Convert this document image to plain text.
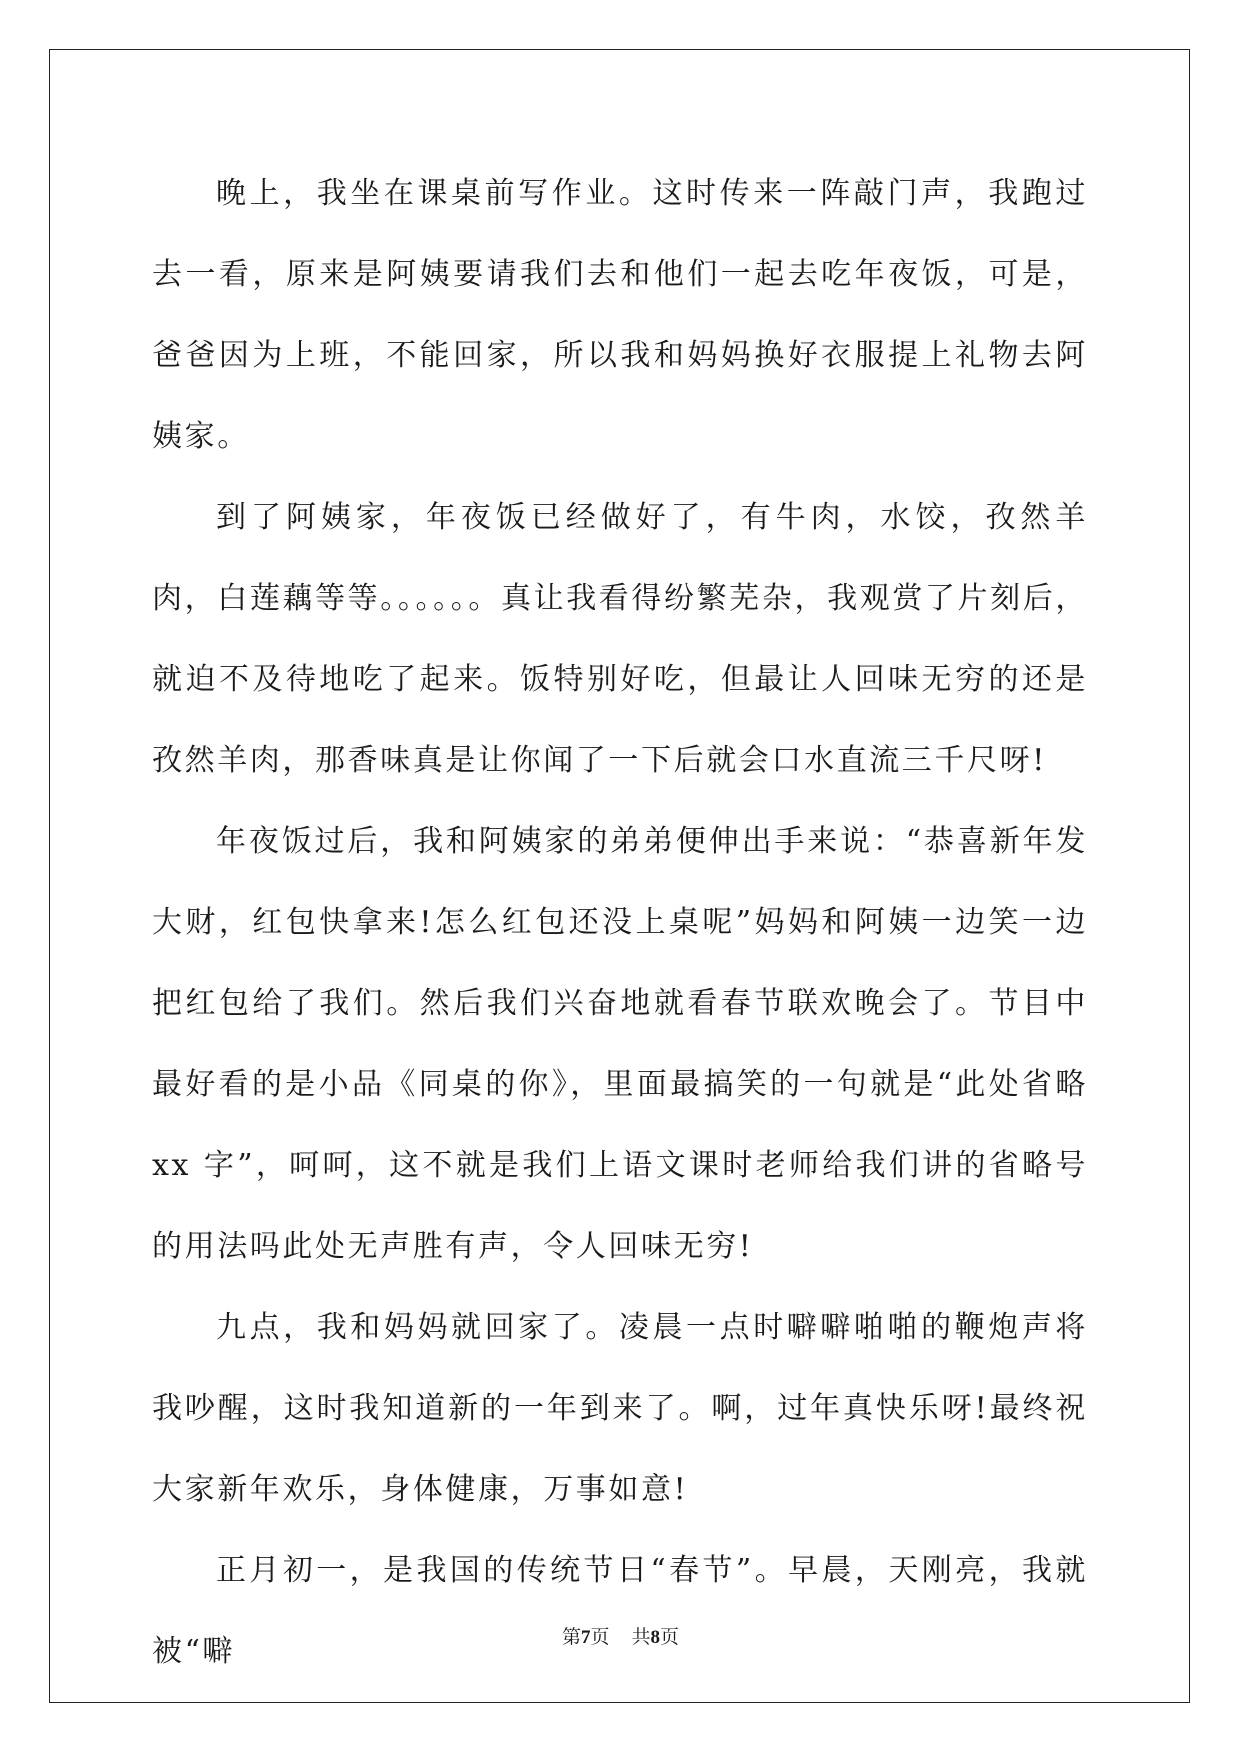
晚上，我坐在课桌前写作业。这时传来一阵敲门声，我跑过去一看，原来是阿姨要请我们去和他们一起去吃年夜饭，可是，爸爸因为上班，不能回家，所以我和妈妈换好衣服提上礼物去阿姨家。

到了阿姨家，年夜饭已经做好了，有牛肉，水饺，孜然羊肉，白莲藕等等。。。。。。真让我看得纷繁芜杂，我观赏了片刻后，就迫不及待地吃了起来。饭特别好吃，但最让人回味无穷的还是孜然羊肉，那香味真是让你闻了一下后就会口水直流三千尺呀!

年夜饭过后，我和阿姨家的弟弟便伸出手来说：“恭喜新年发大财，红包快拿来!怎么红包还没上桌呢”妈妈和阿姨一边笑一边把红包给了我们。然后我们兴奋地就看春节联欢晚会了。节目中最好看的是小品《同桌的你》，里面最搞笑的一句就是“此处省略 xx 字”，呵呵，这不就是我们上语文课时老师给我们讲的省略号的用法吗此处无声胜有声，令人回味无穷!

九点，我和妈妈就回家了。凌晨一点时噼噼啪啪的鞭炮声将我吵醒，这时我知道新的一年到来了。啊，过年真快乐呀!最终祝大家新年欢乐，身体健康，万事如意!

正月初一，是我国的传统节日“春节”。早晨，天刚亮，我就被“噼	第7页 共8页
